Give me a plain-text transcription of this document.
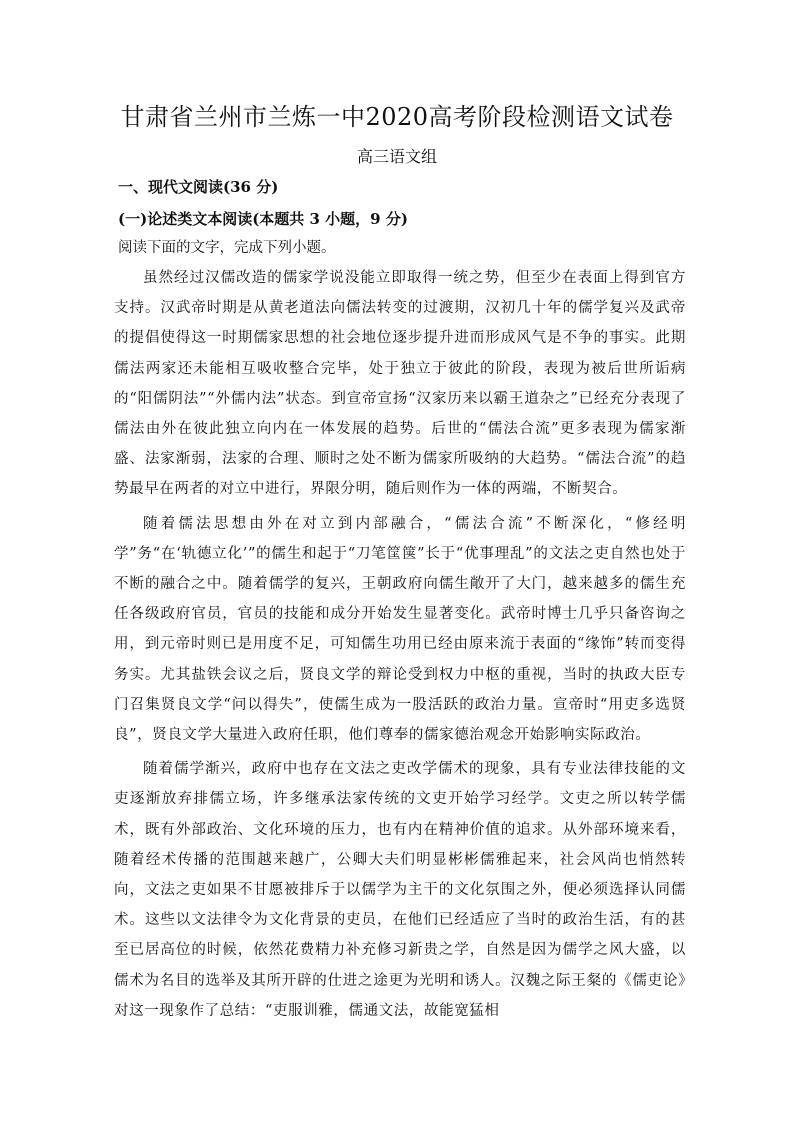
甘肃省兰州市兰炼一中2020高考阶段检测语文试卷
高三语文组
一、现代文阅读(36 分)
(一)论述类文本阅读(本题共 3 小题，9 分)
阅读下面的文字，完成下列小题。

虽然经过汉儒改造的儒家学说没能立即取得一统之势，但至少在表面上得到官方支持。汉武帝时期是从黄老道法向儒法转变的过渡期，汉初几十年的儒学复兴及武帝的提倡使得这一时期儒家思想的社会地位逐步提升进而形成风气是不争的事实。此期儒法两家还未能相互吸收整合完毕，处于独立于彼此的阶段，表现为被后世所诟病的“阳儒阴法”“外儒内法”状态。到宣帝宣扬“汉家历来以霸王道杂之”已经充分表现了儒法由外在彼此独立向内在一体发展的趋势。后世的“儒法合流”更多表现为儒家渐盛、法家渐弱，法家的合理、顺时之处不断为儒家所吸纳的大趋势。“儒法合流”的趋势最早在两者的对立中进行，界限分明，随后则作为一体的两端，不断契合。

随着儒法思想由外在对立到内部融合，“儒法合流”不断深化，“修经明学”务“在‘轨德立化’”的儒生和起于“刀笔筐箧”长于“优事理乱”的文法之吏自然也处于不断的融合之中。随着儒学的复兴，王朝政府向儒生敞开了大门，越来越多的儒生充任各级政府官员，官员的技能和成分开始发生显著变化。武帝时博士几乎只备咨询之用，到元帝时则已是用度不足，可知儒生功用已经由原来流于表面的“缘饰”转而变得务实。尤其盐铁会议之后，贤良文学的辩论受到权力中枢的重视，当时的执政大臣专门召集贤良文学“问以得失”，使儒生成为一股活跃的政治力量。宣帝时“用吏多选贤良”，贤良文学大量进入政府任职，他们尊奉的儒家德治观念开始影响实际政治。

随着儒学渐兴，政府中也存在文法之吏改学儒术的现象，具有专业法律技能的文吏逐渐放弃排儒立场，许多继承法家传统的文吏开始学习经学。文吏之所以转学儒术，既有外部政治、文化环境的压力，也有内在精神价值的追求。从外部环境来看，随着经术传播的范围越来越广，公卿大夫们明显彬彬儒雅起来，社会风尚也悄然转向，文法之吏如果不甘愿被排斥于以儒学为主干的文化氛围之外，便必须选择认同儒术。这些以文法律令为文化背景的吏员，在他们已经适应了当时的政治生活，有的甚至已居高位的时候，依然花费精力补充修习新贵之学，自然是因为儒学之风大盛，以儒术为名目的选举及其所开辟的仕进之途更为光明和诱人。汉魏之际王粲的《儒吏论》对这一现象作了总结：“吏服训雅，儒通文法，故能宽猛相
